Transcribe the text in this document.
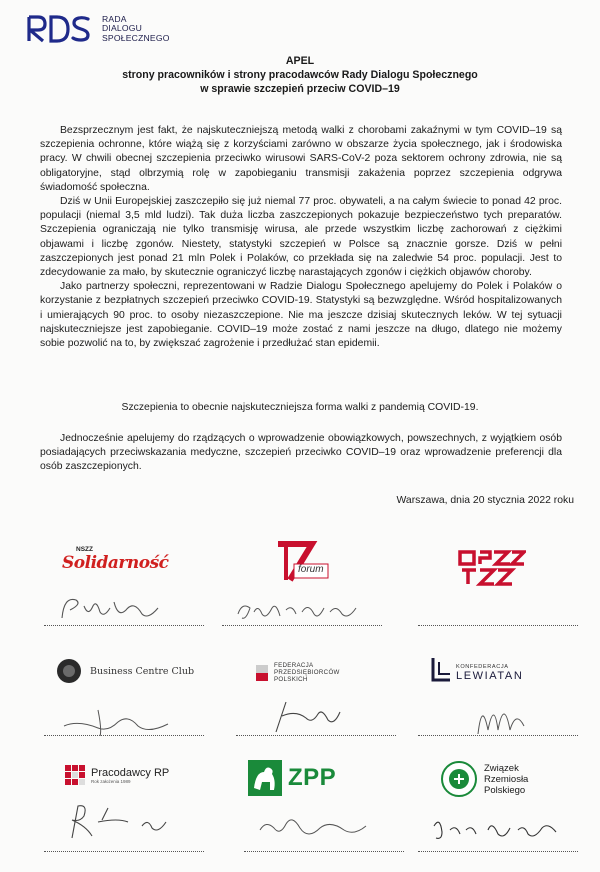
RADA
DIALOGU
SPOŁECZNEGO
APEL
strony pracowników i strony pracodawców Rady Dialogu Społecznego
w sprawie szczepień przeciw COVID–19

Bezsprzecznym jest fakt, że najskuteczniejszą metodą walki z chorobami zakaźnymi w tym COVID–19 są szczepienia ochronne, które wiążą się z korzyściami zarówno w obszarze życia społecznego, jak i środowiska pracy. W chwili obecnej szczepienia przeciwko wirusowi SARS-CoV-2 poza sektorem ochrony zdrowia, nie są obligatoryjne, stąd olbrzymią rolę w zapobieganiu transmisji zakażenia poprzez szczepienia odgrywa świadomość społeczna.

Dziś w Unii Europejskiej zaszczepiło się już niemal 77 proc. obywateli, a na całym świecie to ponad 42 proc. populacji (niemal 3,5 mld ludzi). Tak duża liczba zaszczepionych pokazuje bezpieczeństwo tych preparatów. Szczepienia ograniczają nie tylko transmisję wirusa, ale przede wszystkim liczbę zachorowań z ciężkimi objawami i liczbę zgonów. Niestety, statystyki szczepień w Polsce są znacznie gorsze. Dziś w pełni zaszczepionych jest ponad 21 mln Polek i Polaków, co przekłada się na zaledwie 54 proc. populacji. Jest to zdecydowanie za mało, by skutecznie ograniczyć liczbę narastających zgonów i ciężkich objawów choroby.

Jako partnerzy społeczni, reprezentowani w Radzie Dialogu Społecznego apelujemy do Polek i Polaków o korzystanie z bezpłatnych szczepień przeciwko COVID-19. Statystyki są bezwzględne. Wśród hospitalizowanych i umierających 90 proc. to osoby niezaszczepione. Nie ma jeszcze dzisiaj skutecznych leków. W tej sytuacji najskuteczniejsze jest zapobieganie. COVID–19 może zostać z nami jeszcze na długo, dlatego nie możemy sobie pozwolić na to, by zwiększać zagrożenie i przedłużać stan epidemii.

Szczepienia to obecnie najskuteczniejsza forma walki z pandemią COVID-19.

Jednocześnie apelujemy do rządzących o wprowadzenie obowiązkowych, powszechnych, z wyjątkiem osób posiadających przeciwskazania medyczne, szczepień przeciwko COVID–19 oraz wprowadzenie preferencji dla osób zaszczepionych.

Warszawa, dnia 20 stycznia 2022 roku
NSZZ
Solidarność	forum
Business Centre Club	FEDERACJA
PRZEDSIĘBIORCÓW
POLSKICH
KONFEDERACJA
LEWIATAN
Pracodawcy RP
Rok założenia 1989	ZPP	Związek
Rzemiosła
Polskiego
